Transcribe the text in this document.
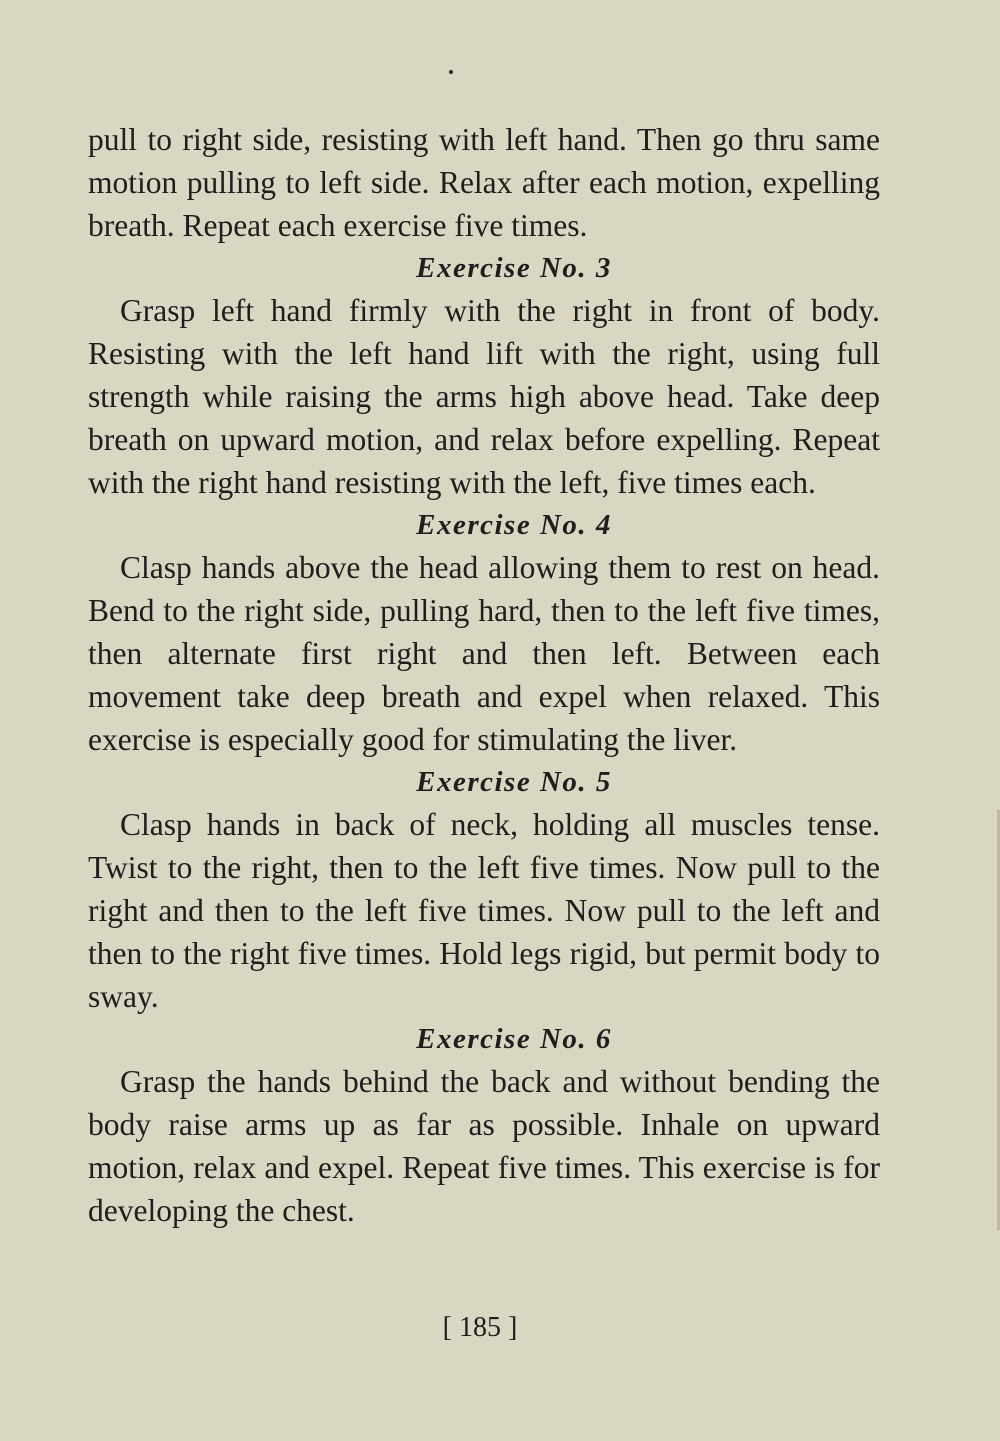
pull to right side, resisting with left hand. Then go thru same motion pulling to left side. Relax after each motion, expelling breath. Repeat each exercise five times.

Exercise No. 3

Grasp left hand firmly with the right in front of body. Resisting with the left hand lift with the right, using full strength while raising the arms high above head. Take deep breath on upward motion, and relax before expelling. Repeat with the right hand resisting with the left, five times each.

Exercise No. 4

Clasp hands above the head allowing them to rest on head. Bend to the right side, pulling hard, then to the left five times, then alternate first right and then left. Between each movement take deep breath and expel when relaxed. This exercise is especially good for stimulating the liver.

Exercise No. 5

Clasp hands in back of neck, holding all muscles tense. Twist to the right, then to the left five times. Now pull to the right and then to the left five times. Now pull to the left and then to the right five times. Hold legs rigid, but permit body to sway.

Exercise No. 6

Grasp the hands behind the back and without bending the body raise arms up as far as possible. Inhale on upward motion, relax and expel. Repeat five times. This exercise is for developing the chest.

[ 185 ]
